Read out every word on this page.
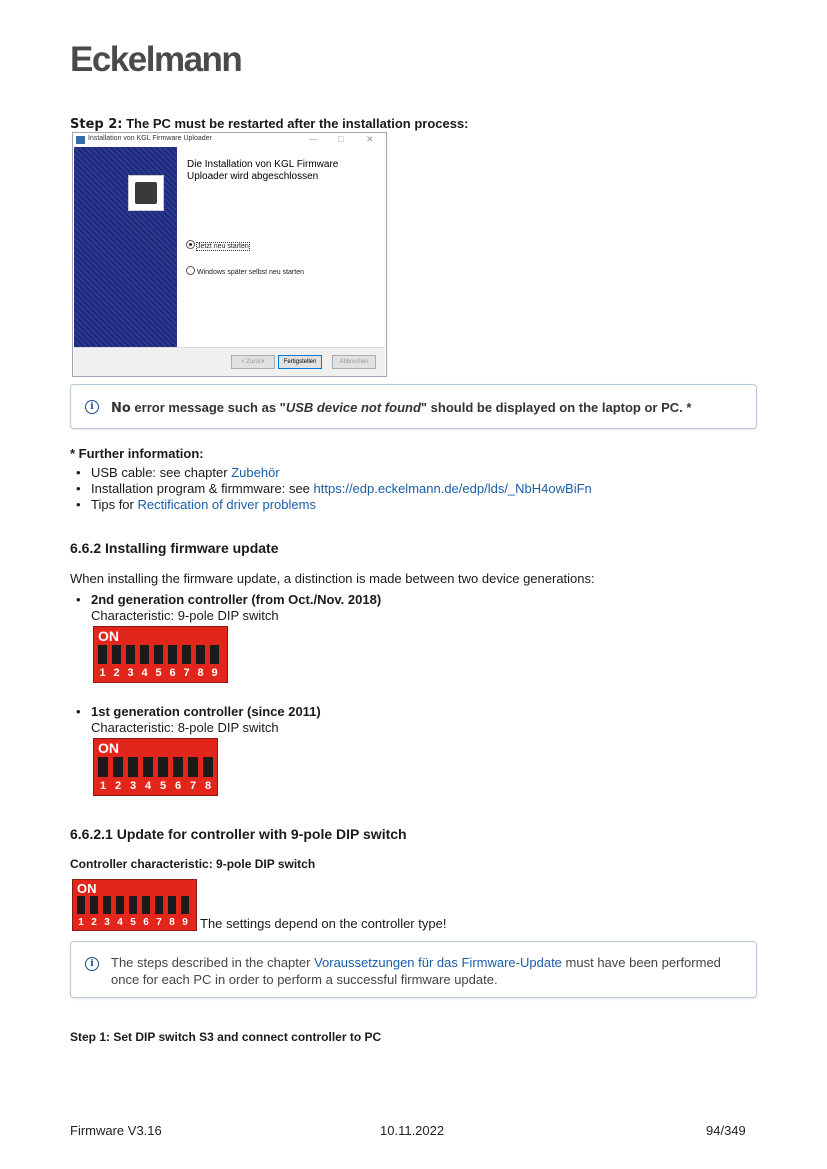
Eckelmann
Step 2: The PC must be restarted after the installation process:
Installation von KGL Firmware Uploader	— □	✕
Die Installation von KGL Firmware Uploader wird abgeschlossen
Jetzt neu starten
Windows später selbst neu starten
< Zurück	Fertigstellen	Abbrechen
i	No error message such as "USB device not found" should be displayed on the laptop or PC. *
* Further information:
• USB cable: see chapter Zubehör
• Installation program & firmmware: see https://edp.eckelmann.de/edp/lds/_NbH4owBiFn
• Tips for Rectification of driver problems
6.6.2 Installing firmware update
When installing the firmware update, a distinction is made between two device generations:
• 2nd generation controller (from Oct./Nov. 2018)
Characteristic: 9-pole DIP switch
ON
1 2 3 4 5 6 7 8 9
• 1st generation controller (since 2011)
Characteristic: 8-pole DIP switch
ON
1 2 3 4 5 6 7 8
6.6.2.1 Update for controller with 9-pole DIP switch
Controller characteristic: 9-pole DIP switch
ON
1 2 3 4 5 6 7 8 9 The settings depend on the controller type!
i	The steps described in the chapter Voraussetzungen für das Firmware-Update must have been performed once for each PC in order to perform a successful firmware update.
Step 1: Set DIP switch S3 and connect controller to PC
Firmware V3.16	10.11.2022	94/349
